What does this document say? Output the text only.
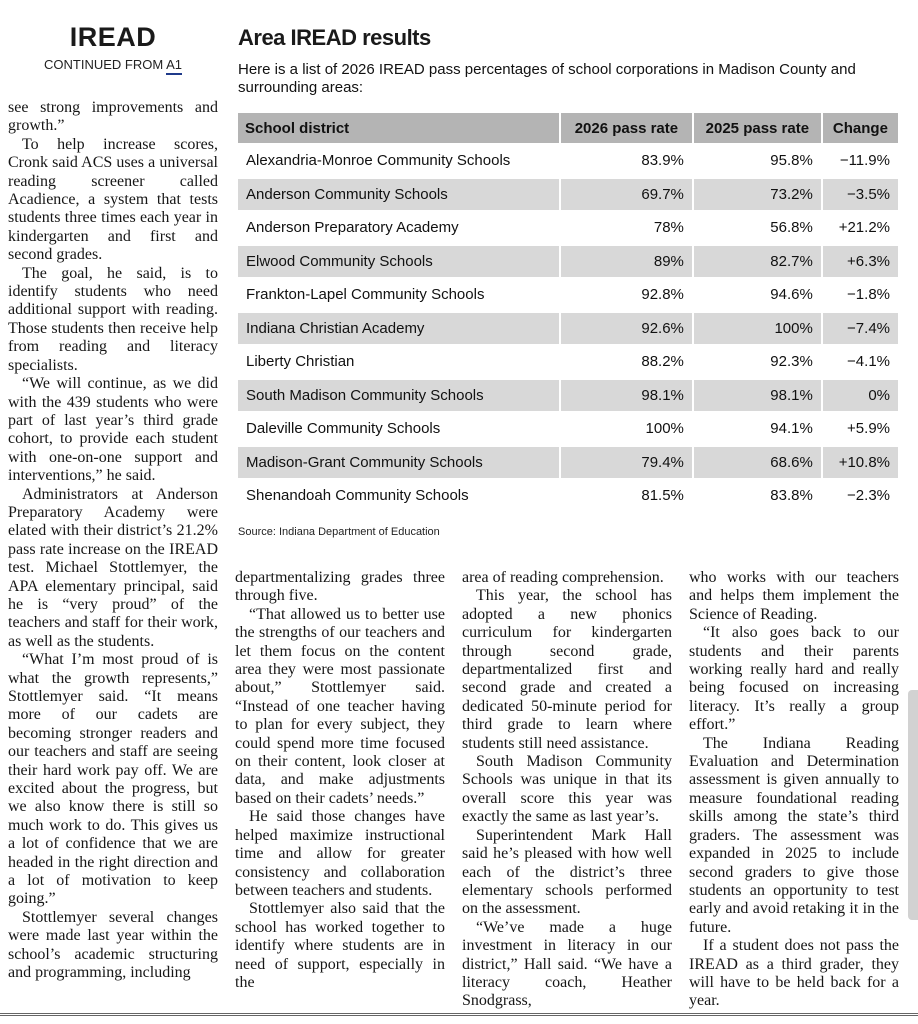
IREAD
CONTINUED FROM A1
Area IREAD results
Here is a list of 2026 IREAD pass percentages of school corporations in Madison County and surrounding areas:
School district	2026 pass rate	2025 pass rate	Change
Alexandria-Monroe Community Schools	83.9%	95.8%	−11.9%
Anderson Community Schools	69.7%	73.2%	−3.5%
Anderson Preparatory Academy	78%	56.8%	+21.2%
Elwood Community Schools	89%	82.7%	+6.3%
Frankton-Lapel Community Schools	92.8%	94.6%	−1.8%
Indiana Christian Academy	92.6%	100%	−7.4%
Liberty Christian	88.2%	92.3%	−4.1%
South Madison Community Schools	98.1%	98.1%	0%
Daleville Community Schools	100%	94.1%	+5.9%
Madison-Grant Community Schools	79.4%	68.6%	+10.8%
Shenandoah Community Schools	81.5%	83.8%	−2.3%
Source: Indiana Department of Education

see strong improvements and growth.”

To help increase scores, Cronk said ACS uses a universal reading screener called Acadience, a system that tests students three times each year in kindergarten and first and second grades.

The goal, he said, is to identify students who need additional support with reading. Those students then receive help from reading and literacy specialists.

“We will continue, as we did with the 439 students who were part of last year’s third grade cohort, to provide each student with one-on-one support and interventions,” he said.

Administrators at Anderson Preparatory Academy were elated with their district’s 21.2% pass rate increase on the IREAD test. Michael Stottlemyer, the APA elementary principal, said he is “very proud” of the teachers and staff for their work, as well as the students.

“What I’m most proud of is what the growth represents,” Stottlemyer said. “It means more of our cadets are becoming stronger readers and our teachers and staff are seeing their hard work pay off. We are excited about the progress, but we also know there is still so much work to do. This gives us a lot of confidence that we are headed in the right direction and a lot of motivation to keep going.”

Stottlemyer several changes were made last year within the school’s academic structuring and programming, including

departmentalizing grades three through five.

“That allowed us to better use the strengths of our teachers and let them focus on the content area they were most passionate about,” Stottlemyer said. “Instead of one teacher having to plan for every subject, they could spend more time focused on their content, look closer at data, and make adjustments based on their cadets’ needs.”

He said those changes have helped maximize instructional time and allow for greater consistency and collaboration between teachers and students.

Stottlemyer also said that the school has worked together to identify where students are in need of support, especially in the

area of reading comprehension.

This year, the school has adopted a new phonics curriculum for kindergarten through second grade, departmentalized first and second grade and created a dedicated 50-minute period for third grade to learn where students still need assistance.

South Madison Community Schools was unique in that its overall score this year was exactly the same as last year’s.

Superintendent Mark Hall said he’s pleased with how well each of the district’s three elementary schools performed on the assessment.

“We’ve made a huge investment in literacy in our district,” Hall said. “We have a literacy coach, Heather Snodgrass,

who works with our teachers and helps them implement the Science of Reading.

“It also goes back to our students and their parents working really hard and really being focused on increasing literacy. It’s really a group effort.”

The Indiana Reading Evaluation and Determination assessment is given annually to measure foundational reading skills among the state’s third graders. The assessment was expanded in 2025 to include second graders to give those students an opportunity to test early and avoid retaking it in the future.

If a student does not pass the IREAD as a third grader, they will have to be held back for a year.
